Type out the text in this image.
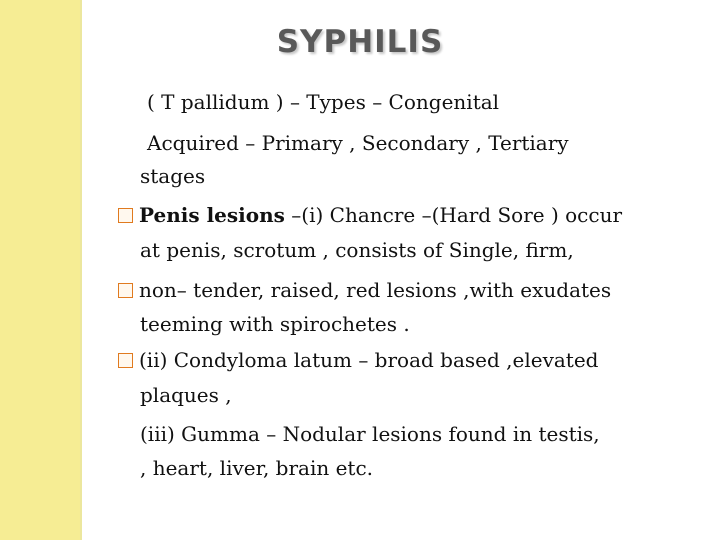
SYPHILIS
( T pallidum ) – Types – Congenital
Acquired – Primary , Secondary , Tertiary
stages
Penis lesions –(i) Chancre –(Hard Sore ) occur
at penis, scrotum , consists of Single, firm,
non– tender, raised, red lesions ,with exudates
teeming with spirochetes .
(ii) Condyloma latum – broad based ,elevated
plaques ,
(iii) Gumma – Nodular lesions found in testis,
, heart, liver, brain etc.
